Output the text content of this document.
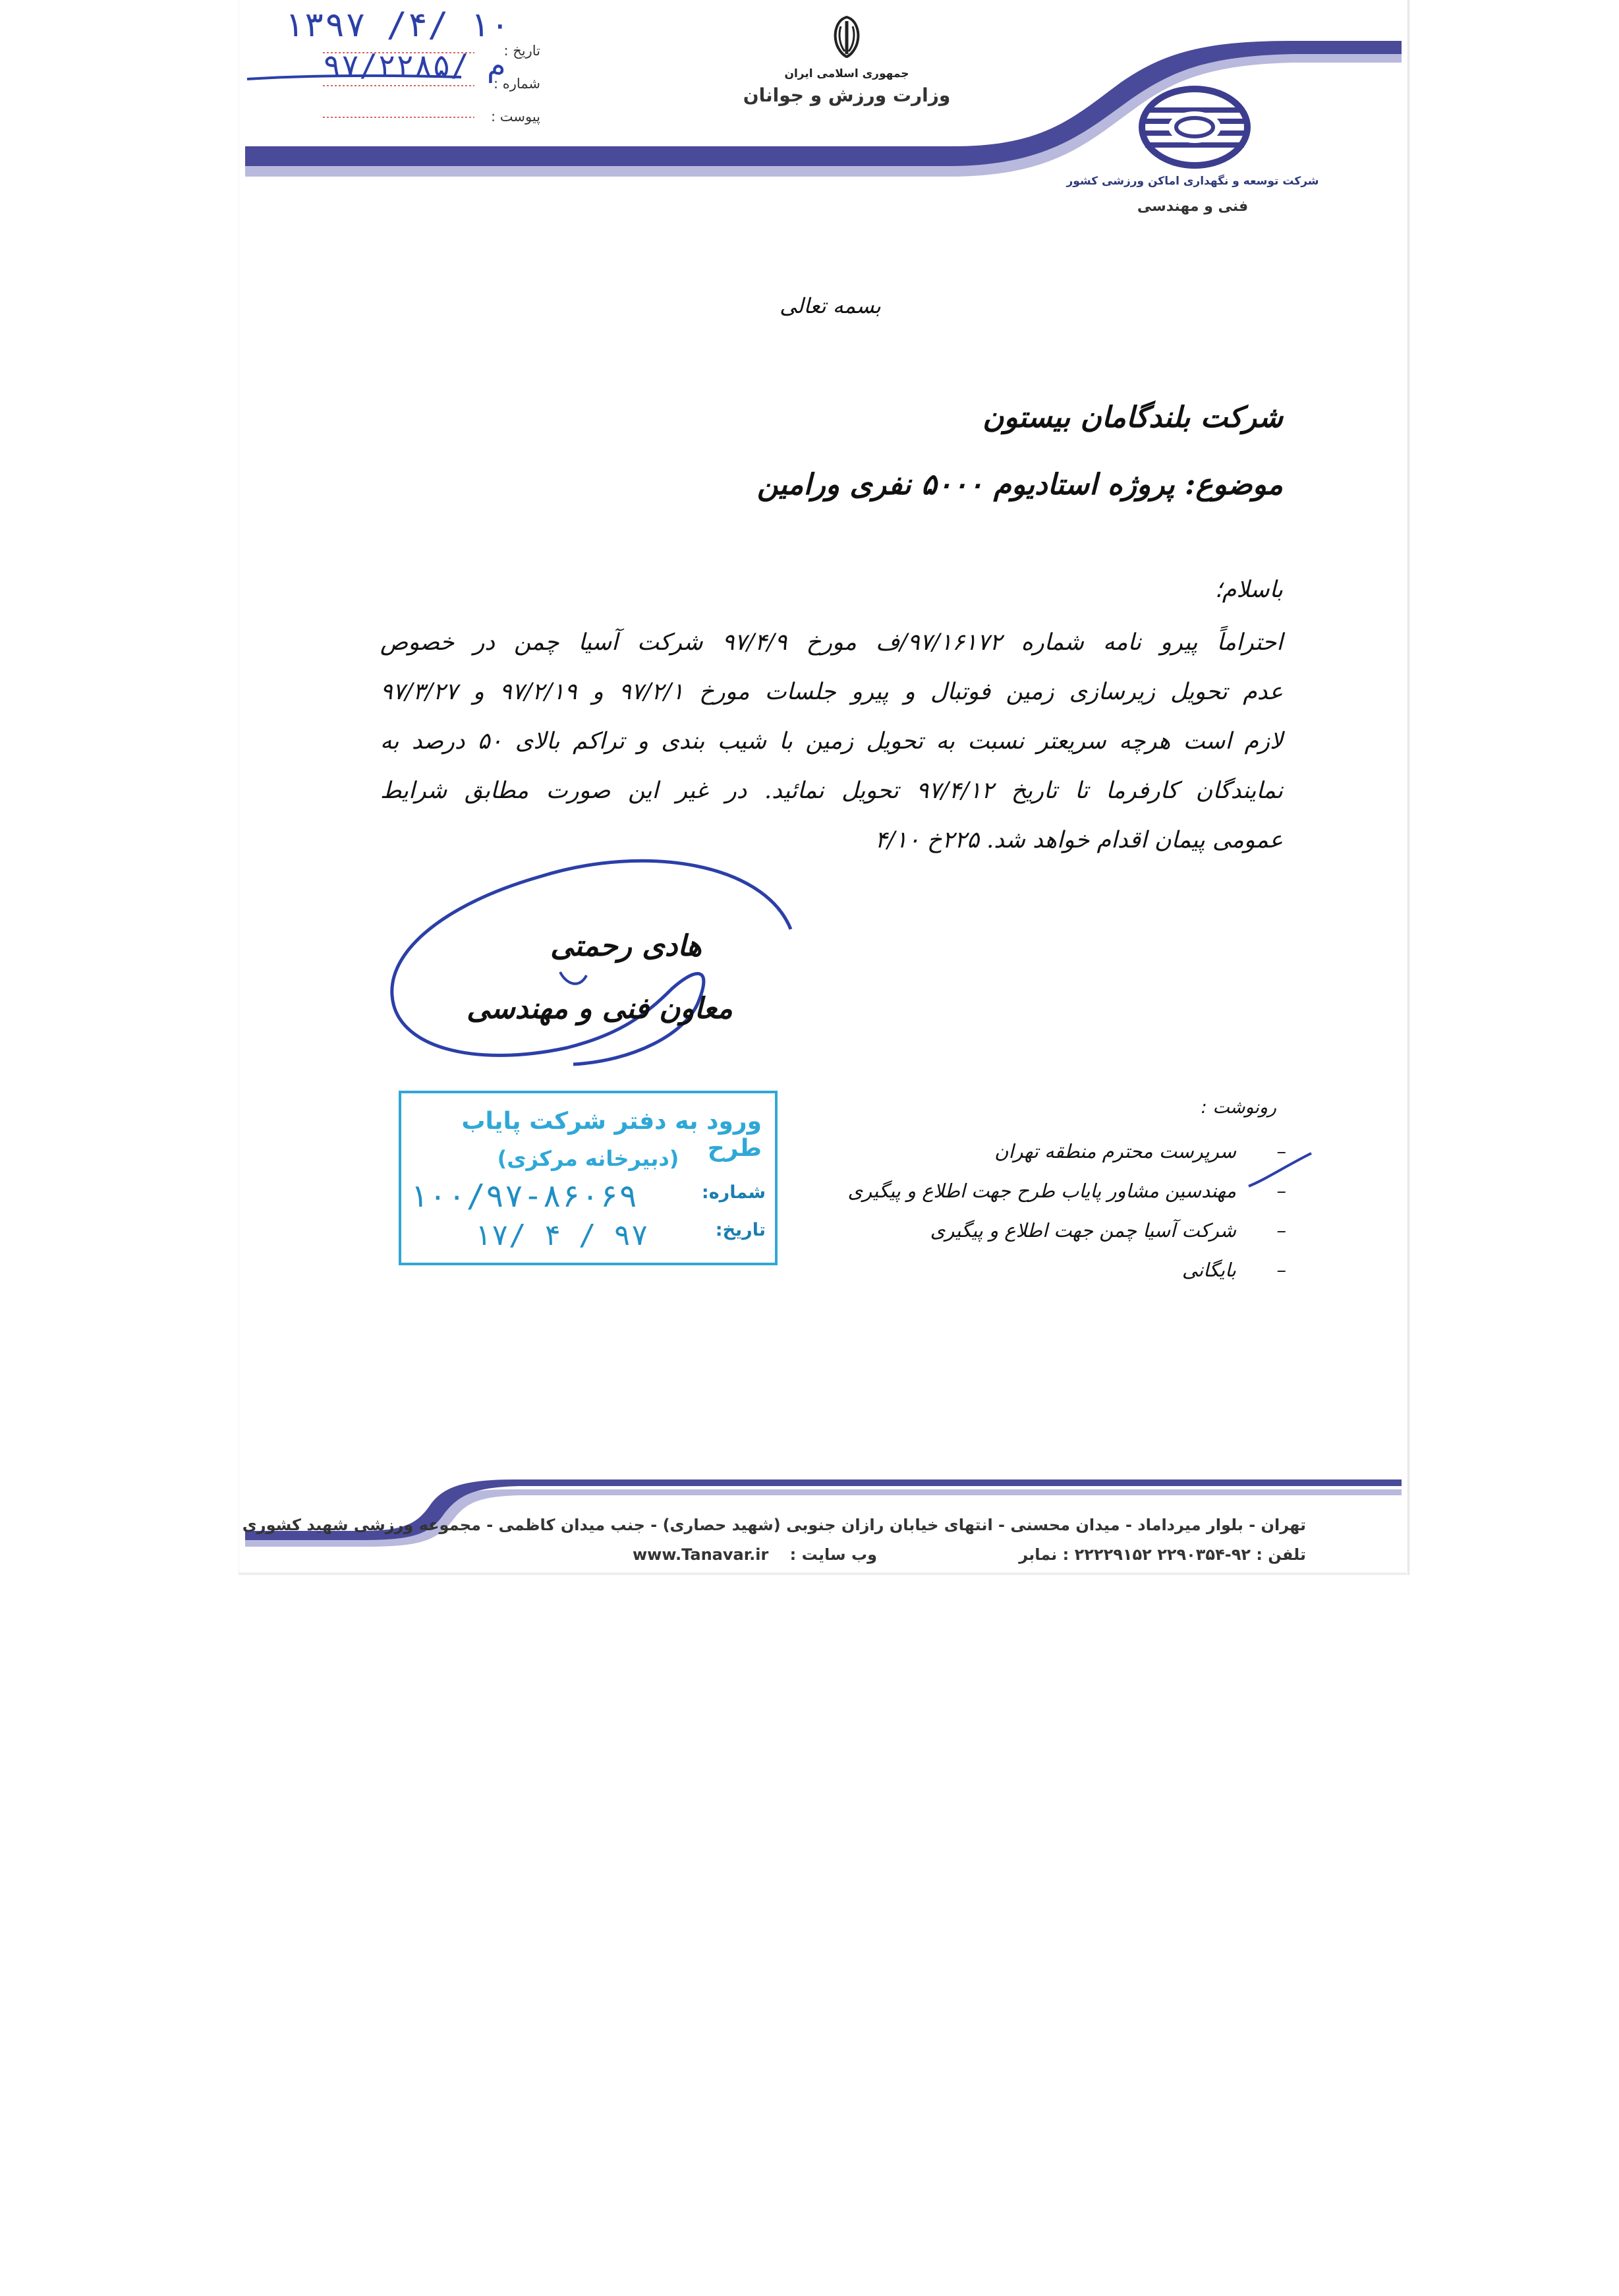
تاریخ :
شماره :
پیوست :
۱۳۹۷ /۴/ ۱۰
۹۷/۲۲۸۵/ م	جمهوری اسلامی ایران
وزارت ورزش و جوانان
شرکت توسعه و نگهداری اماکن ورزشی کشور
فنی و مهندسی
بسمه تعالی
شرکت بلندگامان بیستون
موضوع: پروژه استادیوم ۵۰۰۰ نفری ورامین
باسلام؛
احتراماً پیرو نامه شماره ۹۷/۱۶۱۷۲/ف مورخ ۹۷/۴/۹ شرکت آسیا چمن در خصوص
عدم تحویل زیرسازی زمین فوتبال و پیرو جلسات مورخ ۹۷/۲/۱ و ۹۷/۲/۱۹ و ۹۷/۳/۲۷
لازم است هرچه سریعتر نسبت به تحویل زمین با شیب بندی و تراکم بالای ۵۰ درصد به
نمایندگان کارفرما تا تاریخ ۹۷/۴/۱۲ تحویل نمائید. در غیر این صورت مطابق شرایط
عمومی پیمان اقدام خواهد شد. ۲۲۵خ ۴/۱۰
هادی رحمتی
معاون فنی و مهندسی
ورود به دفتر شرکت پایاب طرح
(دبیرخانه مرکزی)
شماره:
تاریخ:
۱۰۰/۹۷-۸۶۰۶۹
۹۷ / ۴ /۱۷
رونوشت :
–سرپرست محترم منطقه تهران
–مهندسین مشاور پایاب طرح جهت اطلاع و پیگیری
–شرکت آسیا چمن جهت اطلاع و پیگیری
–بایگانی
تهران - بلوار میرداماد - میدان محسنی - انتهای خیابان رازان جنوبی (شهید حصاری) - جنب میدان کاظمی - مجموعه ورزشی شهید کشوری
تلفن : ۹۲-۲۲۹۰۳۵۴ ۲۲۲۲۹۱۵۲ : نمابر
www.Tanavar.ir وب سایت :
